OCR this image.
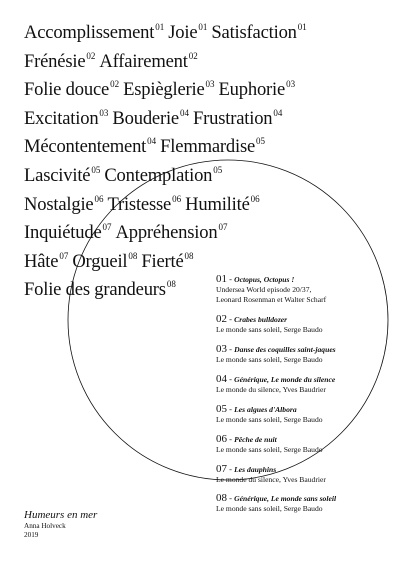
Accomplissement$^{01}$ Joie$^{01}$ Satisfaction$^{01}$
Frénésie$^{02}$ Affairement$^{02}$
Folie douce$^{02}$ Espièglerie$^{03}$ Euphorie$^{03}$
Excitation$^{03}$ Bouderie$^{04}$ Frustration$^{04}$
Mécontentement$^{04}$ Flemmardise$^{05}$
Lascivité$^{05}$ Contemplation$^{05}$
Nostalgie$^{06}$ Tristesse$^{06}$ Humilité$^{06}$
Inquiétude$^{07}$ Appréhension$^{07}$
Hâte$^{07}$ Orgueil$^{08}$ Fierté$^{08}$
Folie des grandeurs$^{08}$	01 - Octopus, Octopus !
Undersea World episode 20/37,
Leonard Rosenman et Walter Scharf
02 - Crabes bulldozer
Le monde sans soleil, Serge Baudo
03 - Danse des coquilles saint-jaques
Le monde sans soleil, Serge Baudo
04 - Générique, Le monde du silence
Le monde du silence, Yves Baudrier
05 - Les algues d'Albora
Le monde sans soleil, Serge Baudo
06 - Pêche de nuit
Le monde sans soleil, Serge Baudo
07 - Les dauphins
Le monde du silence, Yves Baudrier
08 - Générique, Le monde sans soleil
Le monde sans soleil, Serge Baudo
Humeurs en mer
Anna Holveck
2019
